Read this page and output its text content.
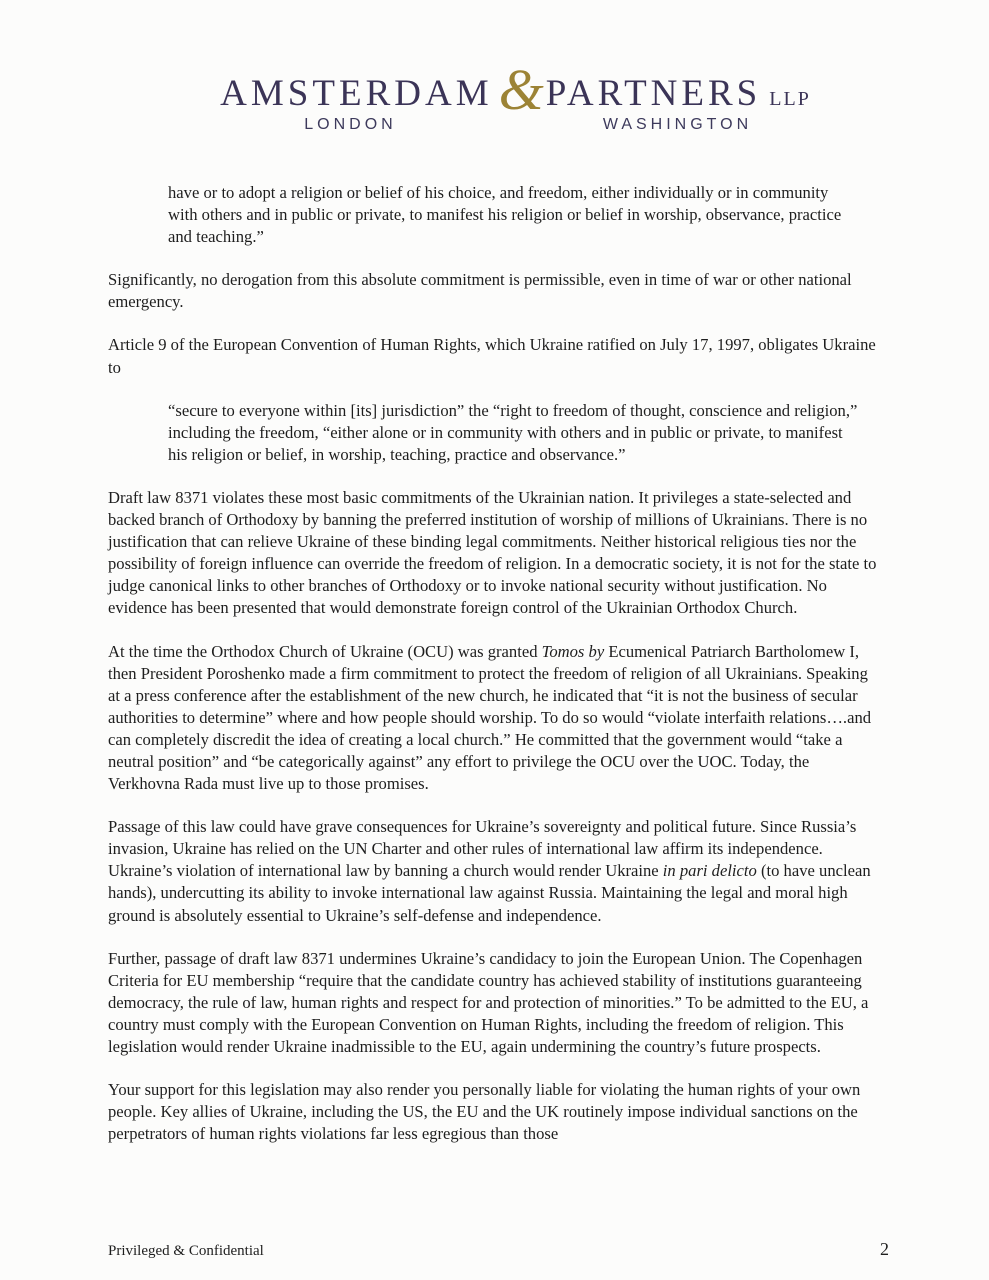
AMSTERDAM & PARTNERS LLP
LONDON	WASHINGTON
have or to adopt a religion or belief of his choice, and freedom, either individually or in community with others and in public or private, to manifest his religion or belief in worship, observance, practice and teaching.”

Significantly, no derogation from this absolute commitment is permissible, even in time of war or other national emergency.

Article 9 of the European Convention of Human Rights, which Ukraine ratified on July 17, 1997, obligates Ukraine to

“secure to everyone within [its] jurisdiction” the “right to freedom of thought, conscience and religion,” including the freedom, “either alone or in community with others and in public or private, to manifest his religion or belief, in worship, teaching, practice and observance.”

Draft law 8371 violates these most basic commitments of the Ukrainian nation. It privileges a state-selected and backed branch of Orthodoxy by banning the preferred institution of worship of millions of Ukrainians. There is no justification that can relieve Ukraine of these binding legal commitments. Neither historical religious ties nor the possibility of foreign influence can override the freedom of religion. In a democratic society, it is not for the state to judge canonical links to other branches of Orthodoxy or to invoke national security without justification. No evidence has been presented that would demonstrate foreign control of the Ukrainian Orthodox Church.

At the time the Orthodox Church of Ukraine (OCU) was granted Tomos by Ecumenical Patriarch Bartholomew I, then President Poroshenko made a firm commitment to protect the freedom of religion of all Ukrainians. Speaking at a press conference after the establishment of the new church, he indicated that “it is not the business of secular authorities to determine” where and how people should worship. To do so would “violate interfaith relations….and can completely discredit the idea of creating a local church.” He committed that the government would “take a neutral position” and “be categorically against” any effort to privilege the OCU over the UOC. Today, the Verkhovna Rada must live up to those promises.

Passage of this law could have grave consequences for Ukraine’s sovereignty and political future. Since Russia’s invasion, Ukraine has relied on the UN Charter and other rules of international law affirm its independence. Ukraine’s violation of international law by banning a church would render Ukraine in pari delicto (to have unclean hands), undercutting its ability to invoke international law against Russia. Maintaining the legal and moral high ground is absolutely essential to Ukraine’s self-defense and independence.

Further, passage of draft law 8371 undermines Ukraine’s candidacy to join the European Union. The Copenhagen Criteria for EU membership “require that the candidate country has achieved stability of institutions guaranteeing democracy, the rule of law, human rights and respect for and protection of minorities.” To be admitted to the EU, a country must comply with the European Convention on Human Rights, including the freedom of religion. This legislation would render Ukraine inadmissible to the EU, again undermining the country’s future prospects.

Your support for this legislation may also render you personally liable for violating the human rights of your own people. Key allies of Ukraine, including the US, the EU and the UK routinely impose individual sanctions on the perpetrators of human rights violations far less egregious than those

Privileged & Confidential	2
